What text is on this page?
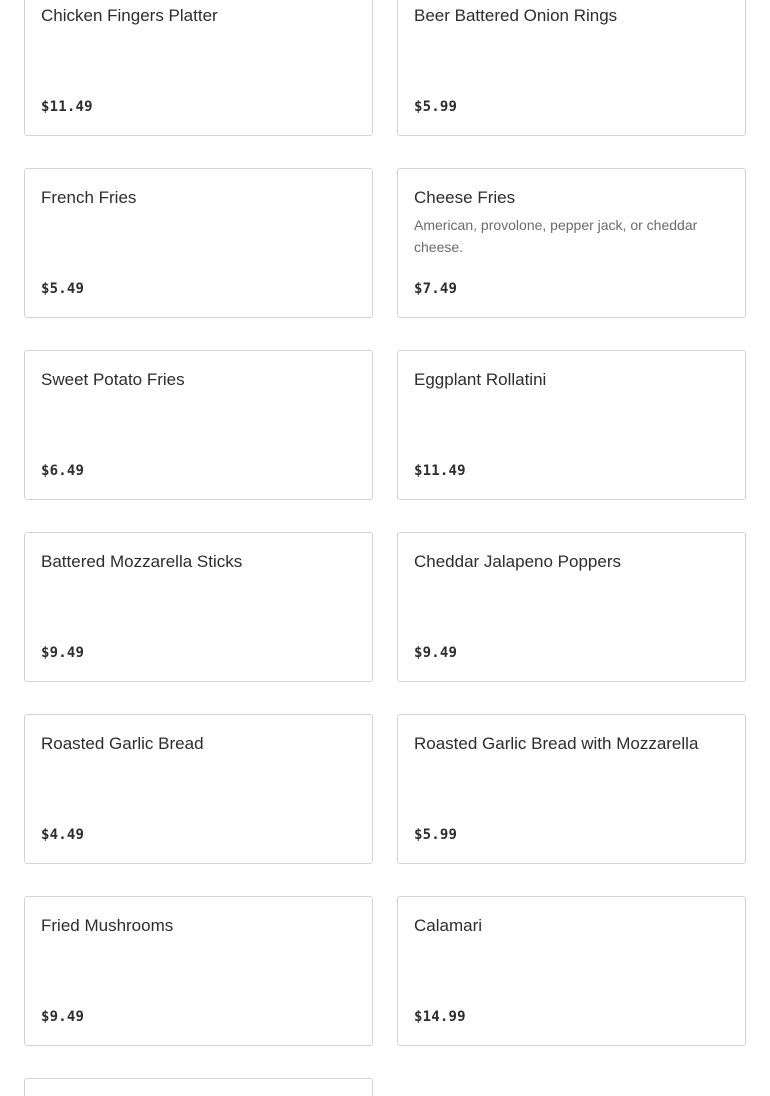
Chicken Fingers Platter
$11.49
Beer Battered Onion Rings
$5.99
French Fries
$5.49
Cheese Fries
American, provolone, pepper jack, or cheddar cheese.
$7.49
Sweet Potato Fries
$6.49
Eggplant Rollatini
$11.49
Battered Mozzarella Sticks
$9.49
Cheddar Jalapeno Poppers
$9.49
Roasted Garlic Bread
$4.49
Roasted Garlic Bread with Mozzarella
$5.99
Fried Mushrooms
$9.49
Calamari
$14.99
